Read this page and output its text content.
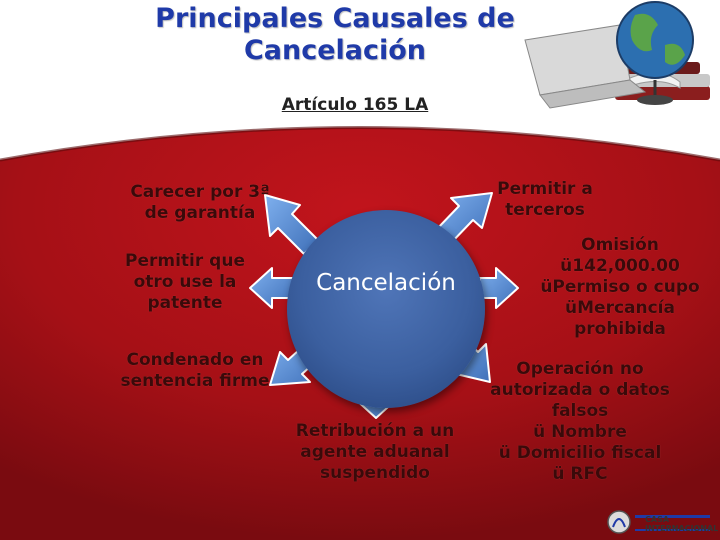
Principales Causales de
Cancelación
Artículo 165 LA
Cancelación
Carecer por 3ª
de garantía
Permitir a
terceros
Permitir que
otro use la
patente
Omisión
ü142,000.00
üPermiso o cupo
üMercancía
prohibida
Condenado en
sentencia firme
Operación no
autorizada o datos
falsos
ü Nombre
ü Domicilio fiscal
ü RFC
Retribución a un
agente aduanal
suspendido
CASA INTERNACIONAL
